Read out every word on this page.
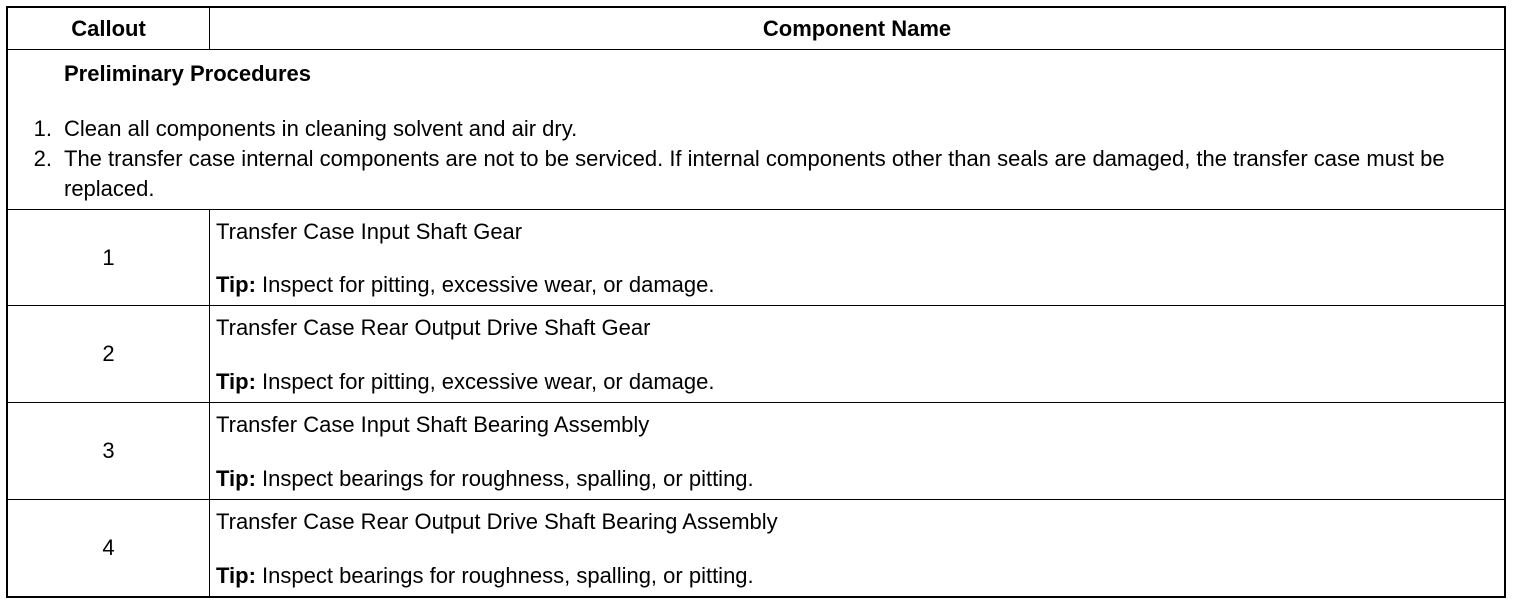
Callout	Component Name
Preliminary Procedures
1. Clean all components in cleaning solvent and air dry.
2. The transfer case internal components are not to be serviced. If internal components other than seals are damaged, the transfer case must be replaced.
1
Transfer Case Input Shaft Gear
Tip: Inspect for pitting, excessive wear, or damage.
2
Transfer Case Rear Output Drive Shaft Gear
Tip: Inspect for pitting, excessive wear, or damage.
3
Transfer Case Input Shaft Bearing Assembly
Tip: Inspect bearings for roughness, spalling, or pitting.
4
Transfer Case Rear Output Drive Shaft Bearing Assembly
Tip: Inspect bearings for roughness, spalling, or pitting.
